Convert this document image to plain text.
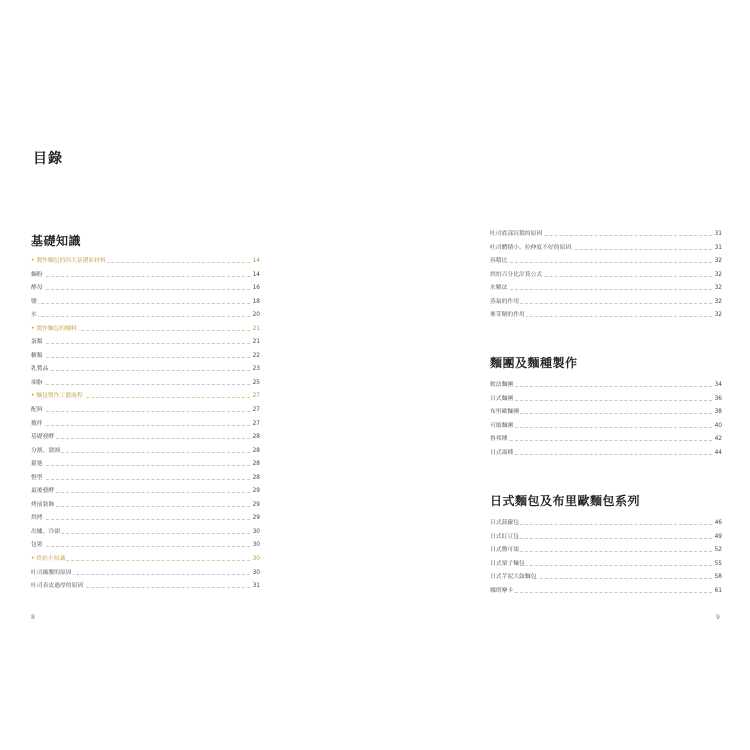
目錄
基礎知識
• 製作麵包的四大基礎原材料	14
麵粉	14
酵母	16
鹽	18
水	20
• 製作麵包的輔料	21
蛋類	21
糖類	22
乳製品	23
油脂	25
• 麵包製作工藝流程	27
配料	27
攪拌	27
基礎發酵	28
分割、滾圓	28
鬆弛	28
整型	28
最後發酵	29
烤前裝飾	29
烘烤	29
出爐、冷卻	30
包裝	30
• 烘焙小知識	30
吐司縮腰的原因	30
吐司表皮過厚的原因	31
8
吐司底部沉積的原因	31
吐司體積小、拉伸度不好的原因	31
容積比	32
烘焙百分比計算公式	32
水解法	32
蒸氣的作用	32
麥芽精的作用	32
麵團及麵種製作
軟法麵團	34
日式麵團	36
布里歐麵團	38
可頌麵團	40
魯邦種	42
日式湯種	44
日式麵包及布里歐麵包系列
日式菠蘿包	46
日式紅豆包	49
日式鹽可頌	52
日式栗子麵包	55
日式芋泥大鼓麵包	58
娜塔摩卡	61
9
